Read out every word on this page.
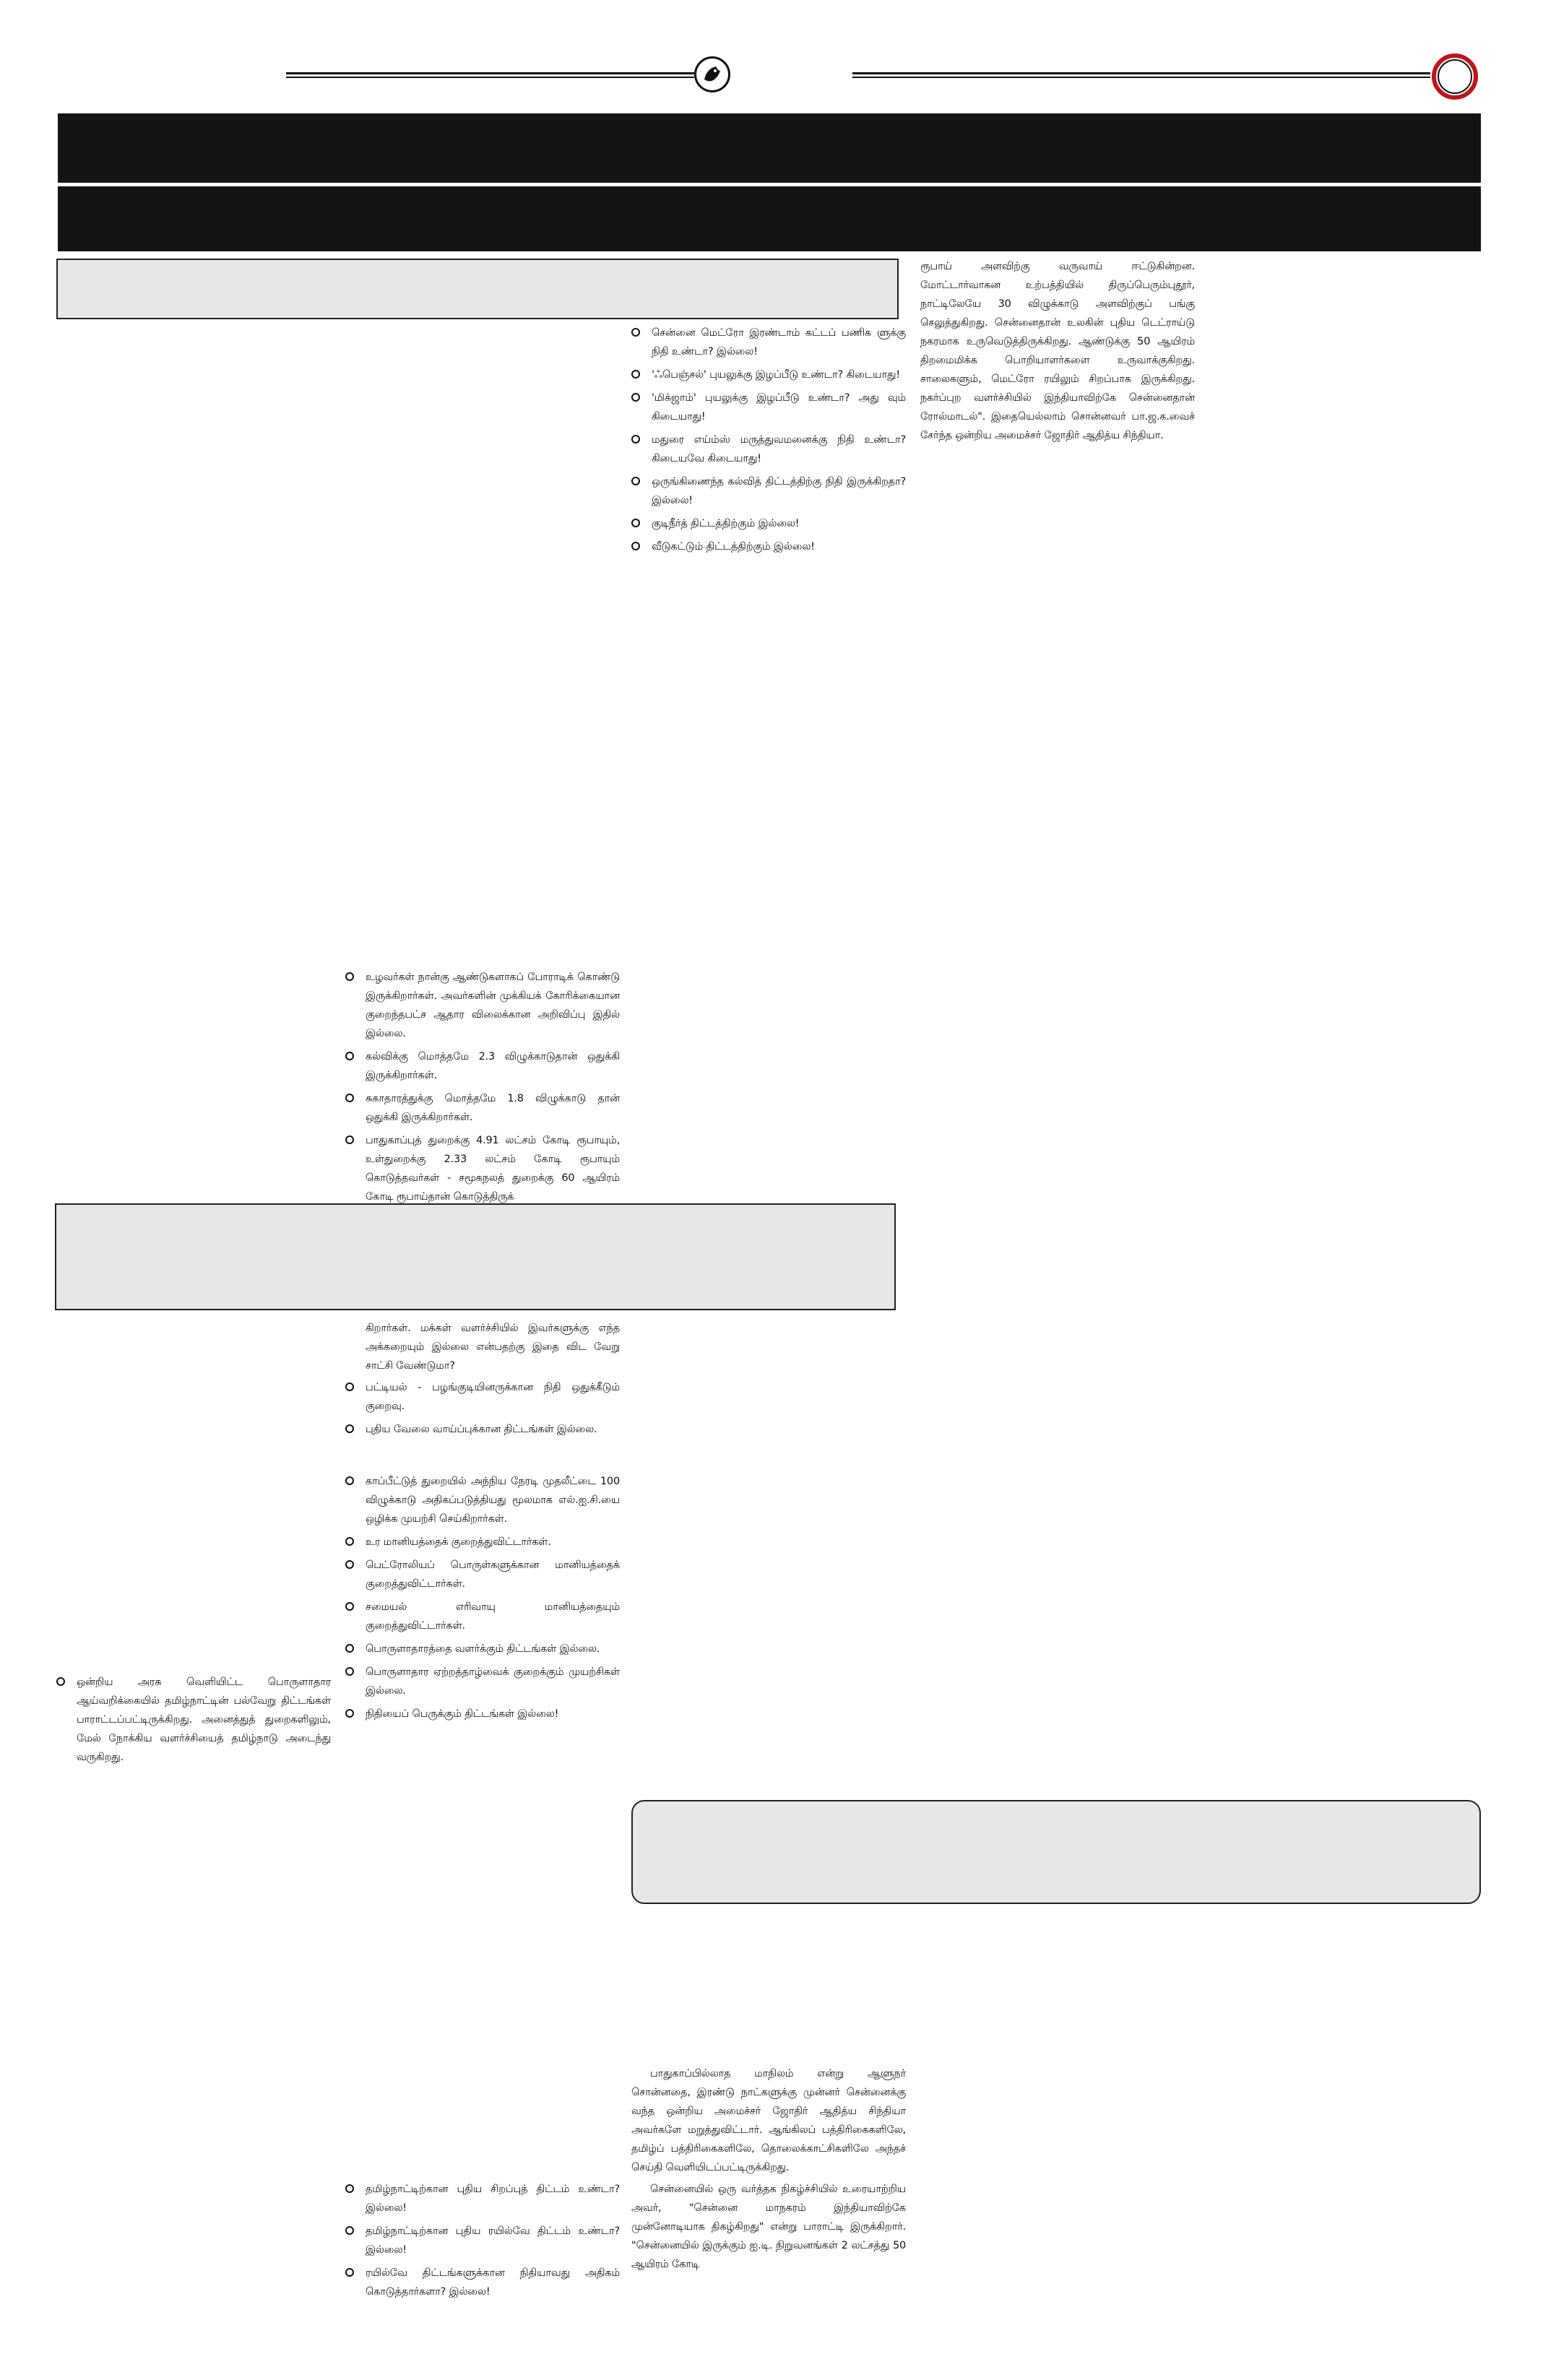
ரூபாய் அளவிற்கு வருவாய் ஈட்டுகின்றன. மோட்டார்வாகன உற்பத்தியில் திருப்பெரும்புதூர், நாட்டிலேயே 30 விழுக்காடு அளவிற்குப் பங்கு செலுத்துகிறது. சென்னைதான் உலகின் புதிய டெட்ராய்டு நகரமாக உருவெடுத்திருக்கிறது. ஆண்டுக்கு 50 ஆயிரம் திறமைமிக்க பொறியாளர்களை உருவாக்குகிறது. சாலைகளும், மெட்ரோ ரயிலும் சிறப்பாக இருக்கிறது. நகர்ப்புற வளர்ச்சியில் இந்தியாவிற்கே சென்னைதான் ரோல்மாடல்". இதையெல்லாம் சொன்னவர் பா.ஜ.க.வைச் சேர்ந்த ஒன்றிய அமைச்சர் ஜோதிர் ஆதித்ய சிந்தியா.

சென்னை மெட்ரோ இரண்டாம் கட்டப் பணிக ளுக்கு நிதி உண்டா? இல்லை!
'ஃபெஞ்சல்' புயலுக்கு இழப்பீடு உண்டா? கிடையாது!
'மிக்ஜாம்' புயலுக்கு இழப்பீடு உண்டா? அது வும் கிடையாது!
மதுரை எய்ம்ஸ் மருத்துவமனைக்கு நிதி உண்டா? கிடையவே கிடையாது!
ஒருங்கிணைந்த கல்வித் திட்டத்திற்கு நிதி இருக்கிறதா? இல்லை!
குடிநீர்த் திட்டத்திற்கும் இல்லை!
வீடுகட்டும் திட்டத்திற்கும் இல்லை!
உழவர்கள் நான்கு ஆண்டுகளாகப் போராடிக் கொண்டு இருக்கிறார்கள். அவர்களின் முக்கியக் கோரிக்கையான குறைந்தபட்ச ஆதார விலைக்கான அறிவிப்பு இதில் இல்லை.
கல்விக்கு மொத்தமே 2.3 விழுக்காடுதான் ஒதுக்கி இருக்கிறார்கள்.
சுகாதாரத்துக்கு மொத்தமே 1.8 விழுக்காடு தான் ஒதுக்கி இருக்கிறார்கள்.
பாதுகாப்புத் துறைக்கு 4.91 லட்சம் கோடி ரூபாயும், உள்துறைக்கு 2.33 லட்சம் கோடி ரூபாயும் கொடுத்தவர்கள் - சமூகநலத் துறைக்கு 60 ஆயிரம் கோடி ரூபாய்தான் கொடுத்திருக்

கிறார்கள். மக்கள் வளர்ச்சியில் இவர்களுக்கு எந்த அக்கறையும் இல்லை என்பதற்கு இதை விட வேறு சாட்சி வேண்டுமா?

பட்டியல் - பழங்குடியினருக்கான நிதி ஒதுக்கீடும் குறைவு.
புதிய வேலை வாய்ப்புக்கான திட்டங்கள் இல்லை.
காப்பீட்டுத் துறையில் அந்நிய நேரடி முதலீட்டை 100 விழுக்காடு அதிகப்படுத்தியது மூலமாக எல்.ஐ.சி.யை ஒழிக்க முயற்சி செய்கிறார்கள்.
உர மானியத்தைக் குறைத்துவிட்டார்கள்.
பெட்ரோலியப் பொருள்களுக்கான மானியத்தைக் குறைத்துவிட்டார்கள்.
சமையல் எரிவாயு மானியத்தையும் குறைத்துவிட்டார்கள்.
பொருளாதாரத்தை வளர்க்கும் திட்டங்கள் இல்லை.
பொருளாதார ஏற்றத்தாழ்வைக் குறைக்கும் முயற்சிகள் இல்லை.
நிதியைப் பெருக்கும் திட்டங்கள் இல்லை!
ஒன்றிய அரசு வெளியிட்ட பொருளாதார ஆய்வறிக்கையில் தமிழ்நாட்டின் பல்வேறு திட்டங்கள் பாராட்டப்பட்டிருக்கிறது. அனைத்துத் துறைகளிலும், மேல் நோக்கிய வளர்ச்சியைத் தமிழ்நாடு அடைந்து வருகிறது.

பாதுகாப்பில்லாத மாநிலம் என்று ஆளுநர் சொன்னதை, இரண்டு நாட்களுக்கு முன்னர் சென்னைக்கு வந்த ஒன்றிய அமைச்சர் ஜோதிர் ஆதித்ய சிந்தியா அவர்களே மறுத்துவிட்டார். ஆங்கிலப் பத்திரிகைகளிலே, தமிழ்ப் பத்திரிகைகளிலே, தொலைக்காட்சிகளிலே அந்தச் செய்தி வெளியிடப்பட்டிருக்கிறது.

சென்னையில் ஒரு வர்த்தக நிகழ்ச்சியில் உரையாற்றிய அவர், "சென்னை மாநகரம் இந்தியாவிற்கே முன்னோடியாக திகழ்கிறது" என்று பாராட்டி இருக்கிறார். "சென்னையில் இருக்கும் ஐ.டி. நிறுவனங்கள் 2 லட்சத்து 50 ஆயிரம் கோடி

தமிழ்நாட்டிற்கான புதிய சிறப்புத் திட்டம் உண்டா? இல்லை!
தமிழ்நாட்டிற்கான புதிய ரயில்வே திட்டம் உண்டா? இல்லை!
ரயில்வே திட்டங்களுக்கான நிதியாவது அதிகம் கொடுத்தார்களா? இல்லை!
